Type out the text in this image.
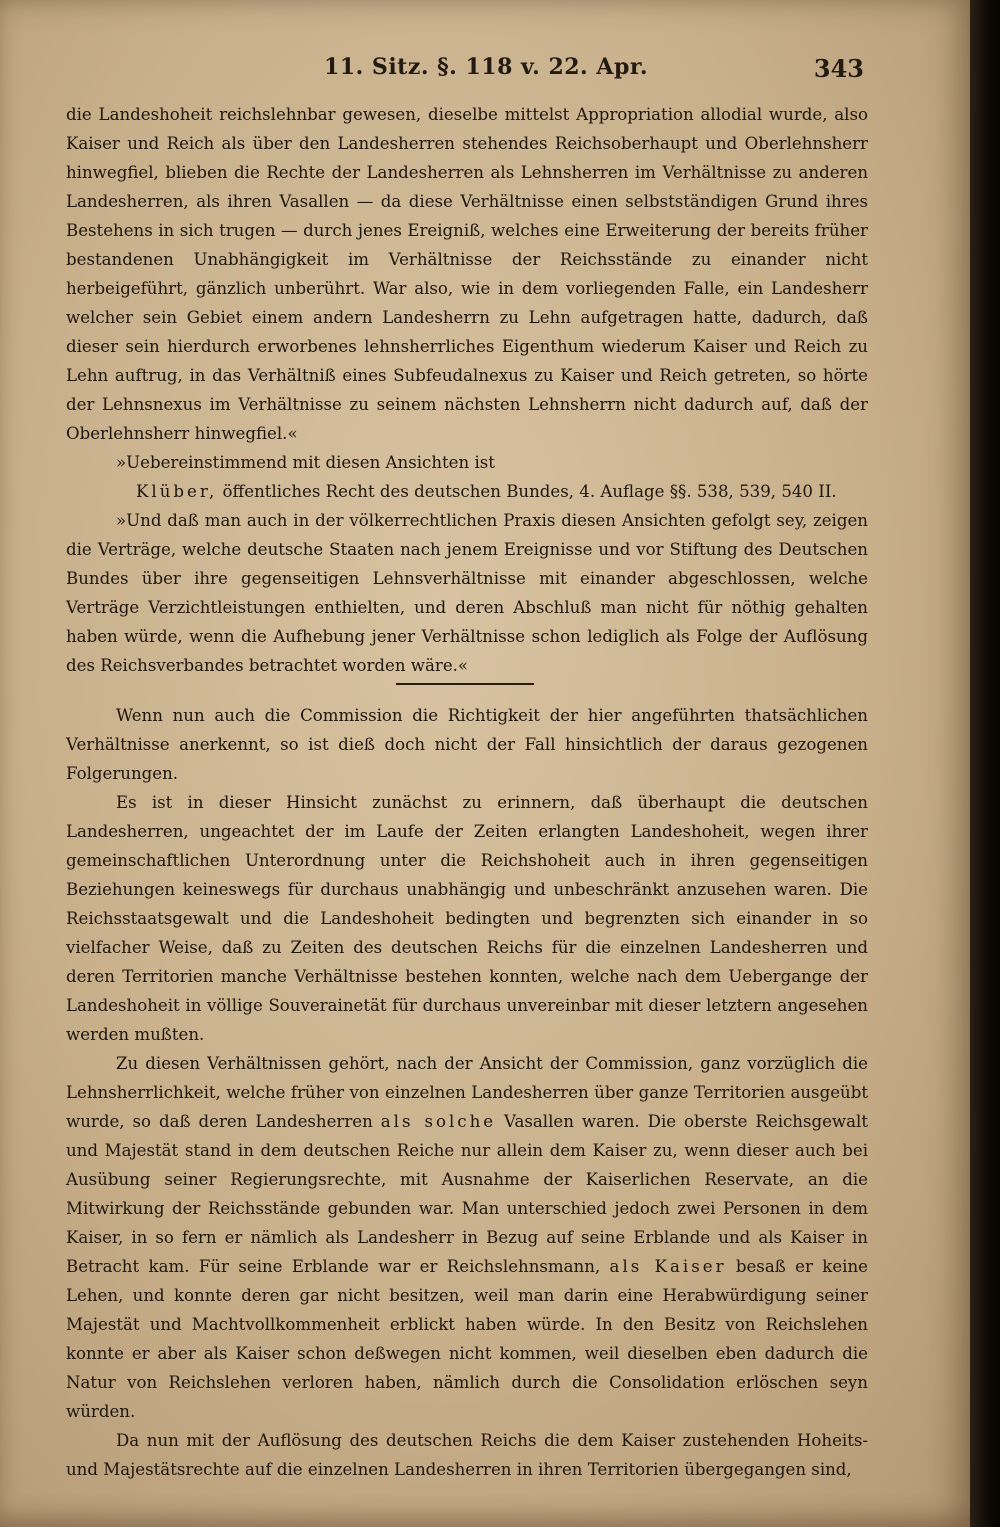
11. Sitz. §. 118 v. 22. Apr.	343

die Landeshoheit reichslehnbar gewesen, dieselbe mittelst Appropriation allodial wurde, also Kaiser und Reich als über den Landesherren stehendes Reichsoberhaupt und Oberlehnsherr hinwegfiel, blieben die Rechte der Landesherren als Lehnsherren im Verhältnisse zu anderen Landesherren, als ihren Vasallen — da diese Verhältnisse einen selbstständigen Grund ihres Bestehens in sich trugen — durch jenes Ereigniß, welches eine Erweiterung der bereits früher bestandenen Unabhängigkeit im Verhältnisse der Reichsstände zu einander nicht herbeigeführt, gänzlich unberührt. War also, wie in dem vorliegenden Falle, ein Landesherr welcher sein Gebiet einem andern Landesherrn zu Lehn aufgetragen hatte, dadurch, daß dieser sein hierdurch erworbenes lehnsherrliches Eigenthum wiederum Kaiser und Reich zu Lehn auftrug, in das Verhältniß eines Subfeudalnexus zu Kaiser und Reich getreten, so hörte der Lehnsnexus im Verhältnisse zu seinem nächsten Lehnsherrn nicht dadurch auf, daß der Oberlehnsherr hinwegfiel.«

»Uebereinstimmend mit diesen Ansichten ist

Klüber, öffentliches Recht des deutschen Bundes, 4. Auflage §§. 538, 539, 540 II.

»Und daß man auch in der völkerrechtlichen Praxis diesen Ansichten gefolgt sey, zeigen die Verträge, welche deutsche Staaten nach jenem Ereignisse und vor Stiftung des Deutschen Bundes über ihre gegenseitigen Lehnsverhältnisse mit einander abgeschlossen, welche Verträge Verzichtleistungen enthielten, und deren Abschluß man nicht für nöthig gehalten haben würde, wenn die Aufhebung jener Verhältnisse schon lediglich als Folge der Auflösung des Reichsverbandes betrachtet worden wäre.«

Wenn nun auch die Commission die Richtigkeit der hier angeführten thatsächlichen Verhältnisse anerkennt, so ist dieß doch nicht der Fall hinsichtlich der daraus gezogenen Folgerungen.

Es ist in dieser Hinsicht zunächst zu erinnern, daß überhaupt die deutschen Landesherren, ungeachtet der im Laufe der Zeiten erlangten Landeshoheit, wegen ihrer gemeinschaftlichen Unterordnung unter die Reichshoheit auch in ihren gegenseitigen Beziehungen keineswegs für durchaus unabhängig und unbeschränkt anzusehen waren. Die Reichsstaatsgewalt und die Landeshoheit bedingten und begrenzten sich einander in so vielfacher Weise, daß zu Zeiten des deutschen Reichs für die einzelnen Landesherren und deren Territorien manche Verhältnisse bestehen konnten, welche nach dem Uebergange der Landeshoheit in völlige Souverainetät für durchaus unvereinbar mit dieser letztern angesehen werden mußten.

Zu diesen Verhältnissen gehört, nach der Ansicht der Commission, ganz vorzüglich die Lehnsherrlichkeit, welche früher von einzelnen Landesherren über ganze Territorien ausgeübt wurde, so daß deren Landesherren als solche Vasallen waren. Die oberste Reichsgewalt und Majestät stand in dem deutschen Reiche nur allein dem Kaiser zu, wenn dieser auch bei Ausübung seiner Regierungsrechte, mit Ausnahme der Kaiserlichen Reservate, an die Mitwirkung der Reichsstände gebunden war. Man unterschied jedoch zwei Personen in dem Kaiser, in so fern er nämlich als Landesherr in Bezug auf seine Erblande und als Kaiser in Betracht kam. Für seine Erblande war er Reichslehnsmann, als Kaiser besaß er keine Lehen, und konnte deren gar nicht besitzen, weil man darin eine Herabwürdigung seiner Majestät und Machtvollkommenheit erblickt haben würde. In den Besitz von Reichslehen konnte er aber als Kaiser schon deßwegen nicht kommen, weil dieselben eben dadurch die Natur von Reichslehen verloren haben, nämlich durch die Consolidation erlöschen seyn würden.

Da nun mit der Auflösung des deutschen Reichs die dem Kaiser zustehenden Hoheits- und Majestätsrechte auf die einzelnen Landesherren in ihren Territorien übergegangen sind,
